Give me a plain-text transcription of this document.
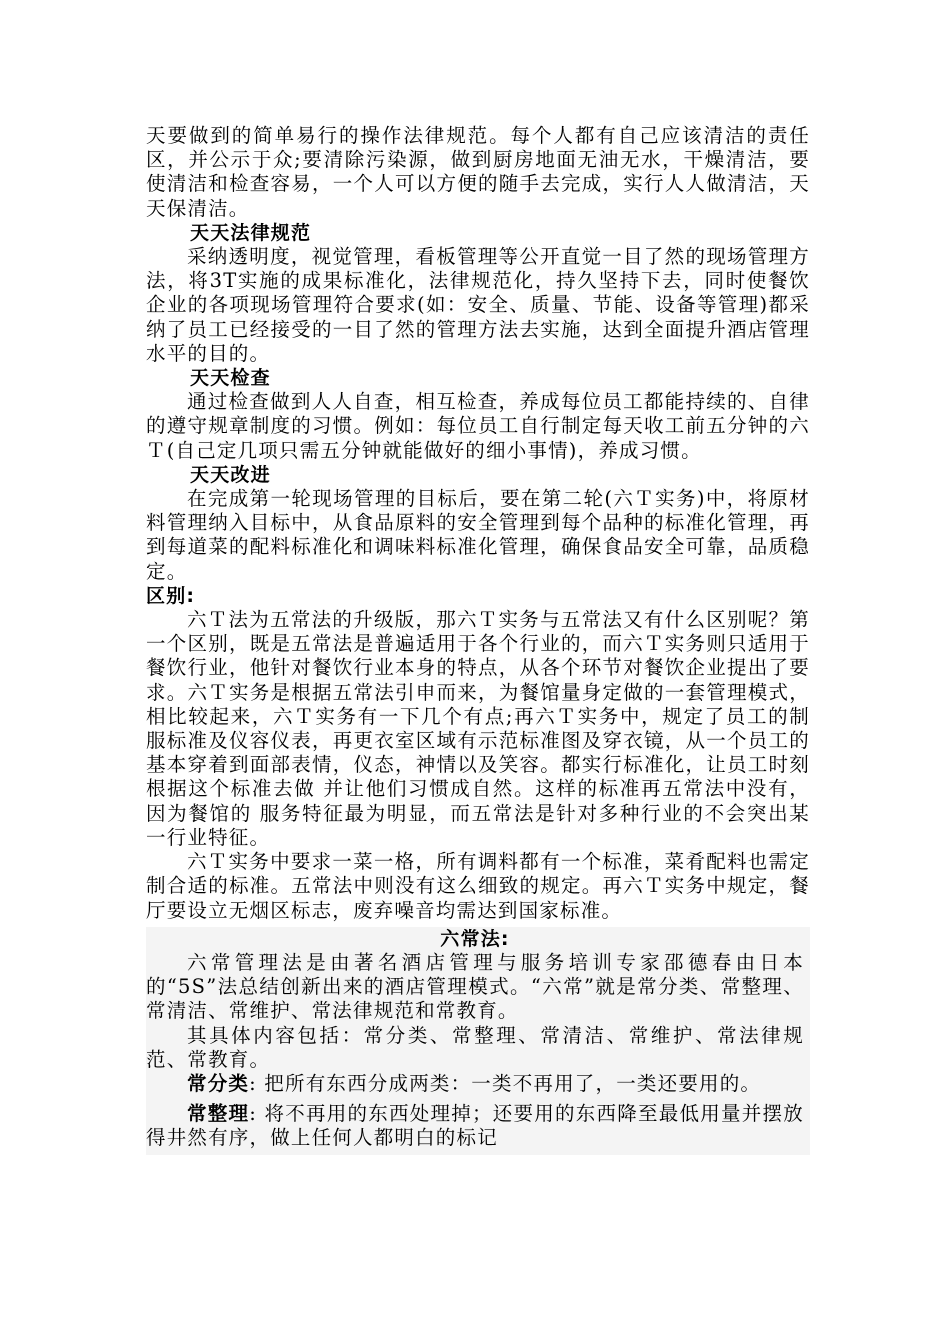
天要做到的简单易行的操作法律规范。每个人都有自己应该清洁的责任区，并公示于众;要清除污染源，做到厨房地面无油无水，干燥清洁，要使清洁和检查容易，一个人可以方便的随手去完成，实行人人做清洁，天天保清洁。

天天法律规范

采纳透明度，视觉管理，看板管理等公开直觉一目了然的现场管理方法，将3T实施的成果标准化，法律规范化，持久坚持下去，同时使餐饮企业的各项现场管理符合要求(如：安全、质量、节能、设备等管理)都采纳了员工已经接受的一目了然的管理方法去实施，达到全面提升酒店管理水平的目的。

天天检查

通过检查做到人人自查，相互检查，养成每位员工都能持续的、自律的遵守规章制度的习惯。例如：每位员工自行制定每天收工前五分钟的六Ｔ(自己定几项只需五分钟就能做好的细小事情)，养成习惯。

天天改进

在完成第一轮现场管理的目标后，要在第二轮(六Ｔ实务)中，将原材料管理纳入目标中，从食品原料的安全管理到每个品种的标准化管理，再到每道菜的配料标准化和调味料标准化管理，确保食品安全可靠，品质稳定。

区别:

六Ｔ法为五常法的升级版，那六Ｔ实务与五常法又有什么区别呢？第一个区别，既是五常法是普遍适用于各个行业的，而六Ｔ实务则只适用于餐饮行业，他针对餐饮行业本身的特点，从各个环节对餐饮企业提出了要求。六Ｔ实务是根据五常法引申而来，为餐馆量身定做的一套管理模式，相比较起来，六Ｔ实务有一下几个有点;再六Ｔ实务中，规定了员工的制服标准及仪容仪表，再更衣室区域有示范标准图及穿衣镜，从一个员工的基本穿着到面部表情，仪态，神情以及笑容。都实行标准化，让员工时刻根据这个标准去做 并让他们习惯成自然。这样的标准再五常法中没有，因为餐馆的 服务特征最为明显，而五常法是针对多种行业的不会突出某一行业特征。

六Ｔ实务中要求一菜一格，所有调料都有一个标准，菜肴配料也需定制合适的标准。五常法中则没有这么细致的规定。再六Ｔ实务中规定，餐厅要设立无烟区标志，废弃噪音均需达到国家标准。

六常法:

六常管理法是由著名酒店管理与服务培训专家邵德春由日本的“5S”法总结创新出来的酒店管理模式。“六常”就是常分类、常整理、常清洁、常维护、常法律规范和常教育。

其具体内容包括：常分类、常整理、常清洁、常维护、常法律规范、常教育。

常分类: 把所有东西分成两类：一类不再用了，一类还要用的。

常整理: 将不再用的东西处理掉；还要用的东西降至最低用量并摆放得井然有序，做上任何人都明白的标记
